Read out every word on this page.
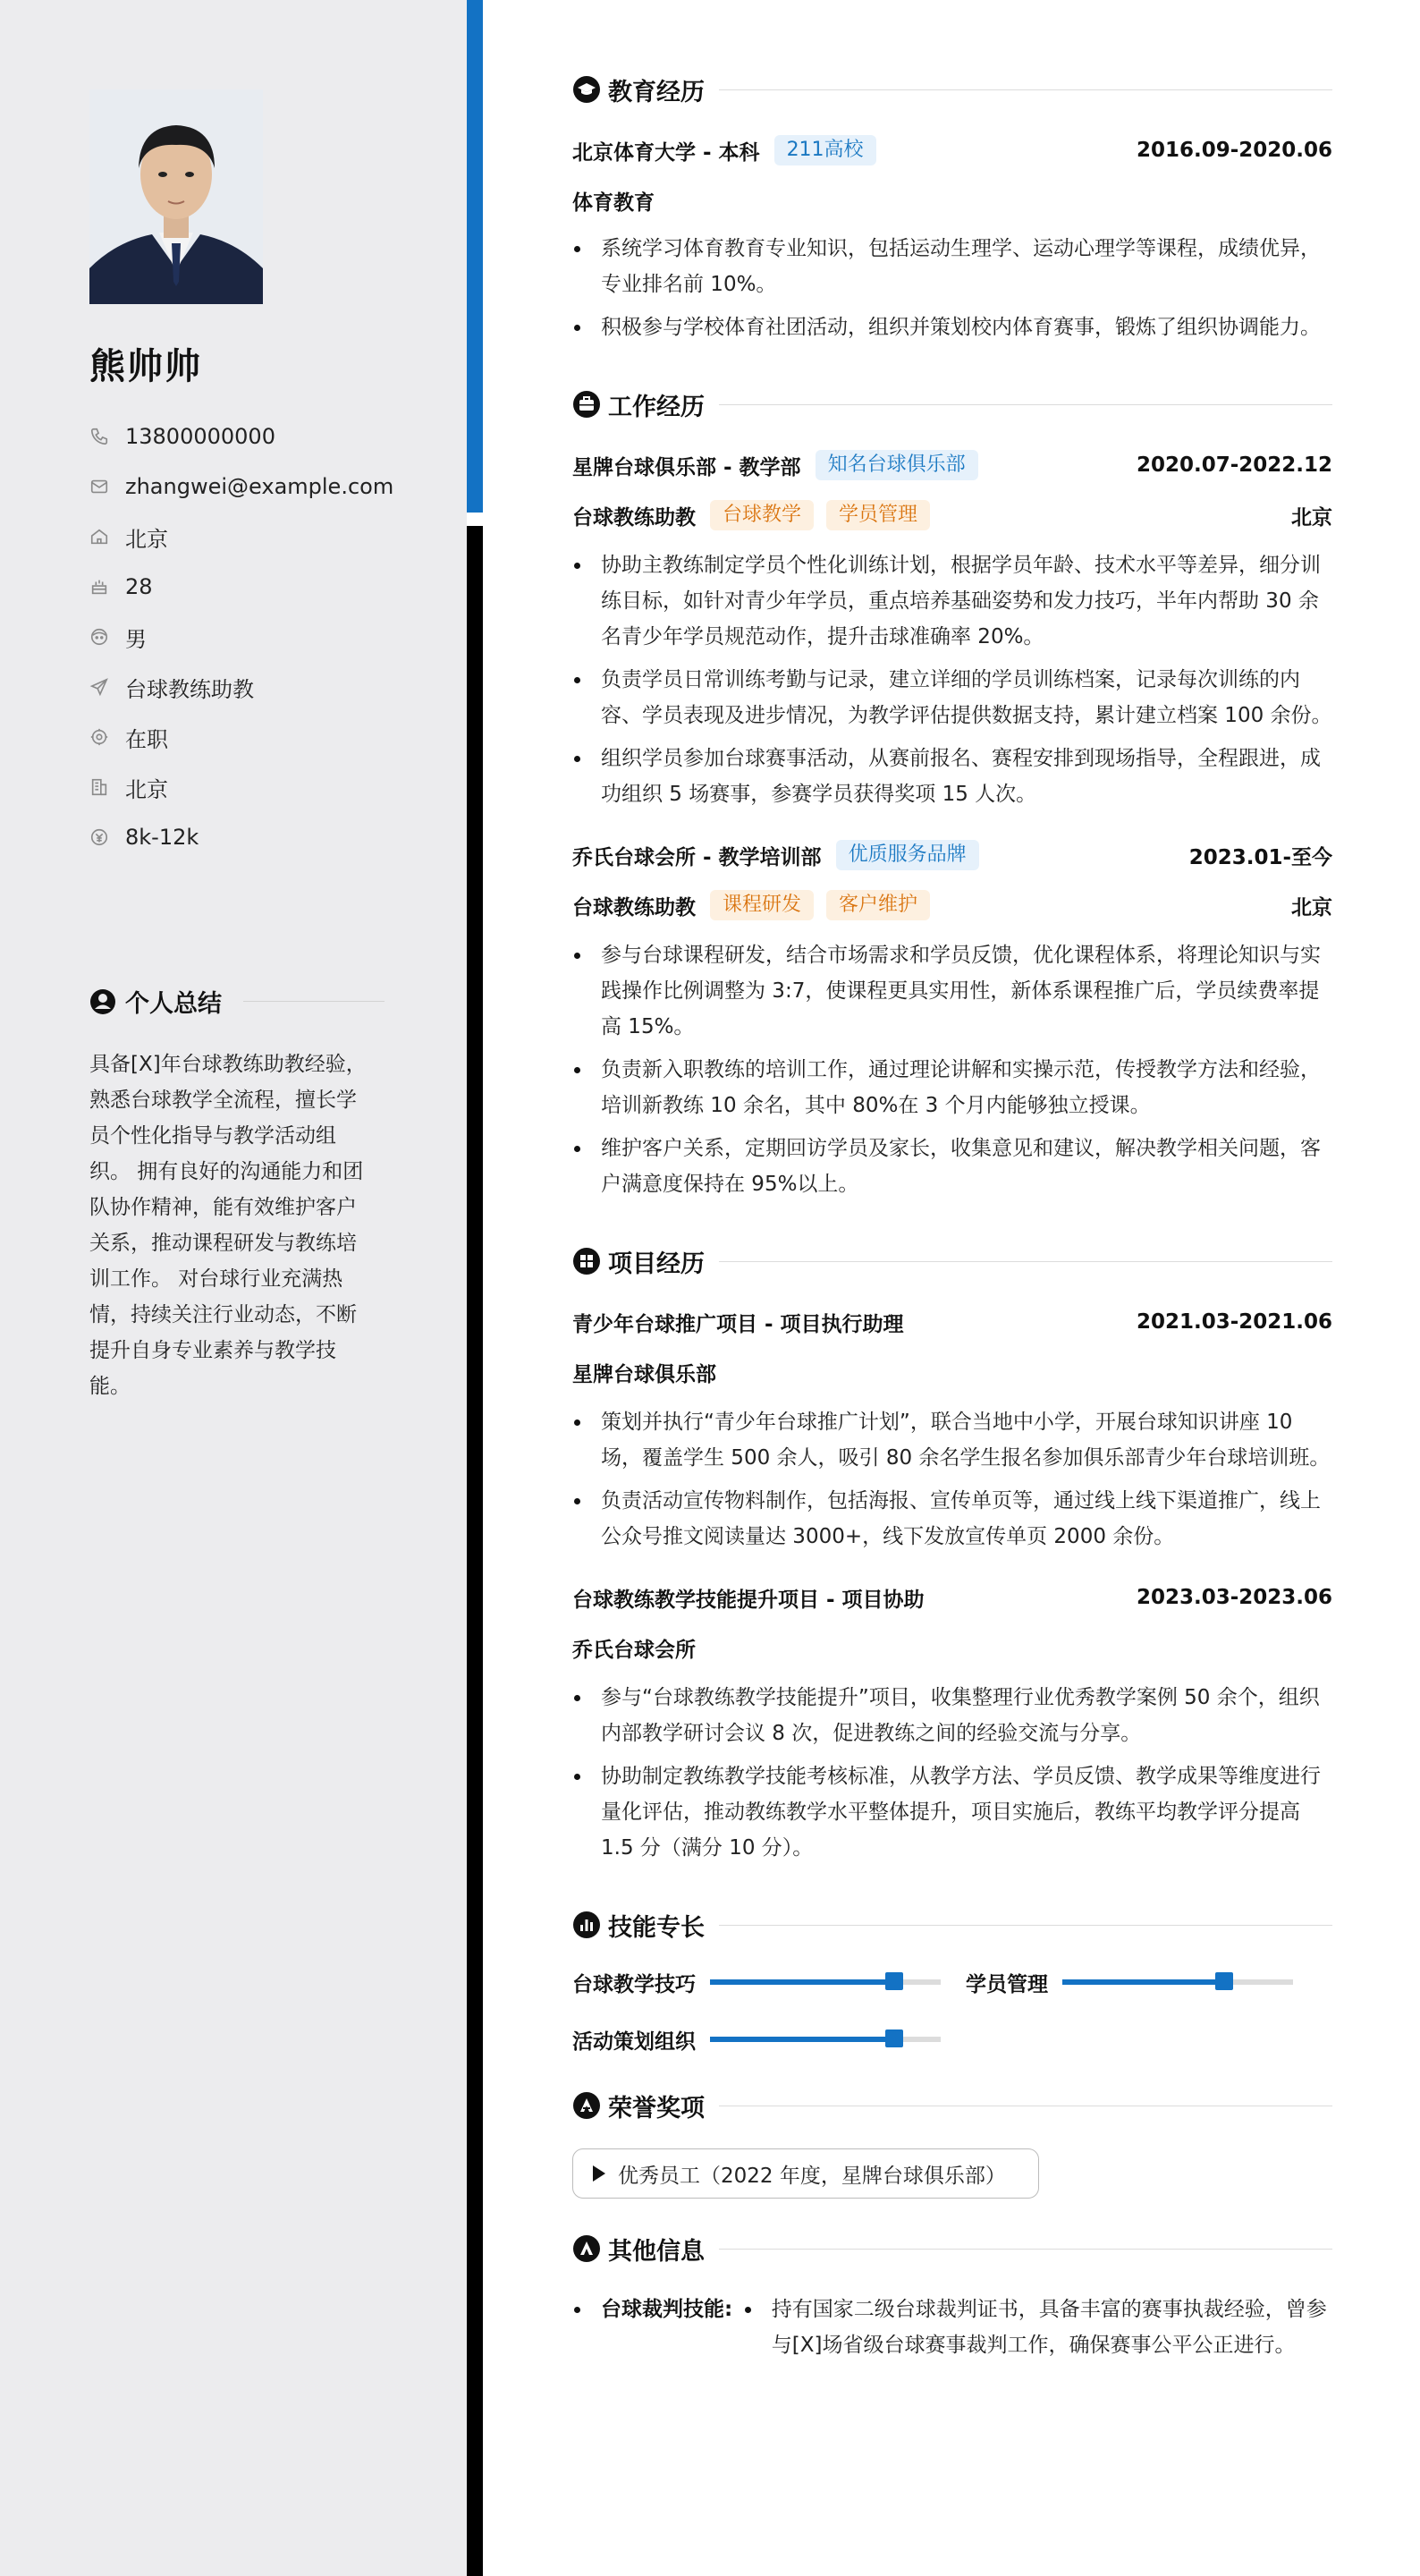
熊帅帅
13800000000
zhangwei@example.com
北京
28
男
台球教练助教
在职
北京
8k-12k
个人总结
具备[X]年台球教练助教经验，熟悉台球教学全流程，擅长学员个性化指导与教学活动组织。 拥有良好的沟通能力和团队协作精神，能有效维护客户关系，推动课程研发与教练培训工作。 对台球行业充满热情，持续关注行业动态，不断提升自身专业素养与教学技能。
教育经历
北京体育大学 - 本科	211高校	2016.09-2020.06
体育教育
系统学习体育教育专业知识，包括运动生理学、运动心理学等课程，成绩优异，专业排名前 10%。
积极参与学校体育社团活动，组织并策划校内体育赛事，锻炼了组织协调能力。
工作经历
星牌台球俱乐部 - 教学部	知名台球俱乐部	2020.07-2022.12
台球教练助教	台球教学	学员管理	北京
协助主教练制定学员个性化训练计划，根据学员年龄、技术水平等差异，细分训练目标，如针对青少年学员，重点培养基础姿势和发力技巧，半年内帮助 30 余名青少年学员规范动作，提升击球准确率 20%。
负责学员日常训练考勤与记录，建立详细的学员训练档案，记录每次训练的内容、学员表现及进步情况，为教学评估提供数据支持，累计建立档案 100 余份。
组织学员参加台球赛事活动，从赛前报名、赛程安排到现场指导，全程跟进，成功组织 5 场赛事，参赛学员获得奖项 15 人次。
乔氏台球会所 - 教学培训部	优质服务品牌	2023.01-至今
台球教练助教	课程研发	客户维护	北京
参与台球课程研发，结合市场需求和学员反馈，优化课程体系，将理论知识与实践操作比例调整为 3:7，使课程更具实用性，新体系课程推广后，学员续费率提高 15%。
负责新入职教练的培训工作，通过理论讲解和实操示范，传授教学方法和经验，培训新教练 10 余名，其中 80%在 3 个月内能够独立授课。
维护客户关系，定期回访学员及家长，收集意见和建议，解决教学相关问题，客户满意度保持在 95%以上。
项目经历
青少年台球推广项目 - 项目执行助理	2021.03-2021.06
星牌台球俱乐部
策划并执行“青少年台球推广计划”，联合当地中小学，开展台球知识讲座 10 场，覆盖学生 500 余人，吸引 80 余名学生报名参加俱乐部青少年台球培训班。
负责活动宣传物料制作，包括海报、宣传单页等，通过线上线下渠道推广，线上公众号推文阅读量达 3000+，线下发放宣传单页 2000 余份。
台球教练教学技能提升项目 - 项目协助	2023.03-2023.06
乔氏台球会所
参与“台球教练教学技能提升”项目，收集整理行业优秀教学案例 50 余个，组织内部教学研讨会议 8 次，促进教练之间的经验交流与分享。
协助制定教练教学技能考核标准，从教学方法、学员反馈、教学成果等维度进行量化评估，推动教练教学水平整体提升，项目实施后，教练平均教学评分提高 1.5 分（满分 10 分）。
技能专长
台球教学技巧	学员管理
活动策划组织
荣誉奖项
优秀员工（2022 年度，星牌台球俱乐部）
其他信息
台球裁判技能:	持有国家二级台球裁判证书，具备丰富的赛事执裁经验，曾参与[X]场省级台球赛事裁判工作，确保赛事公平公正进行。
